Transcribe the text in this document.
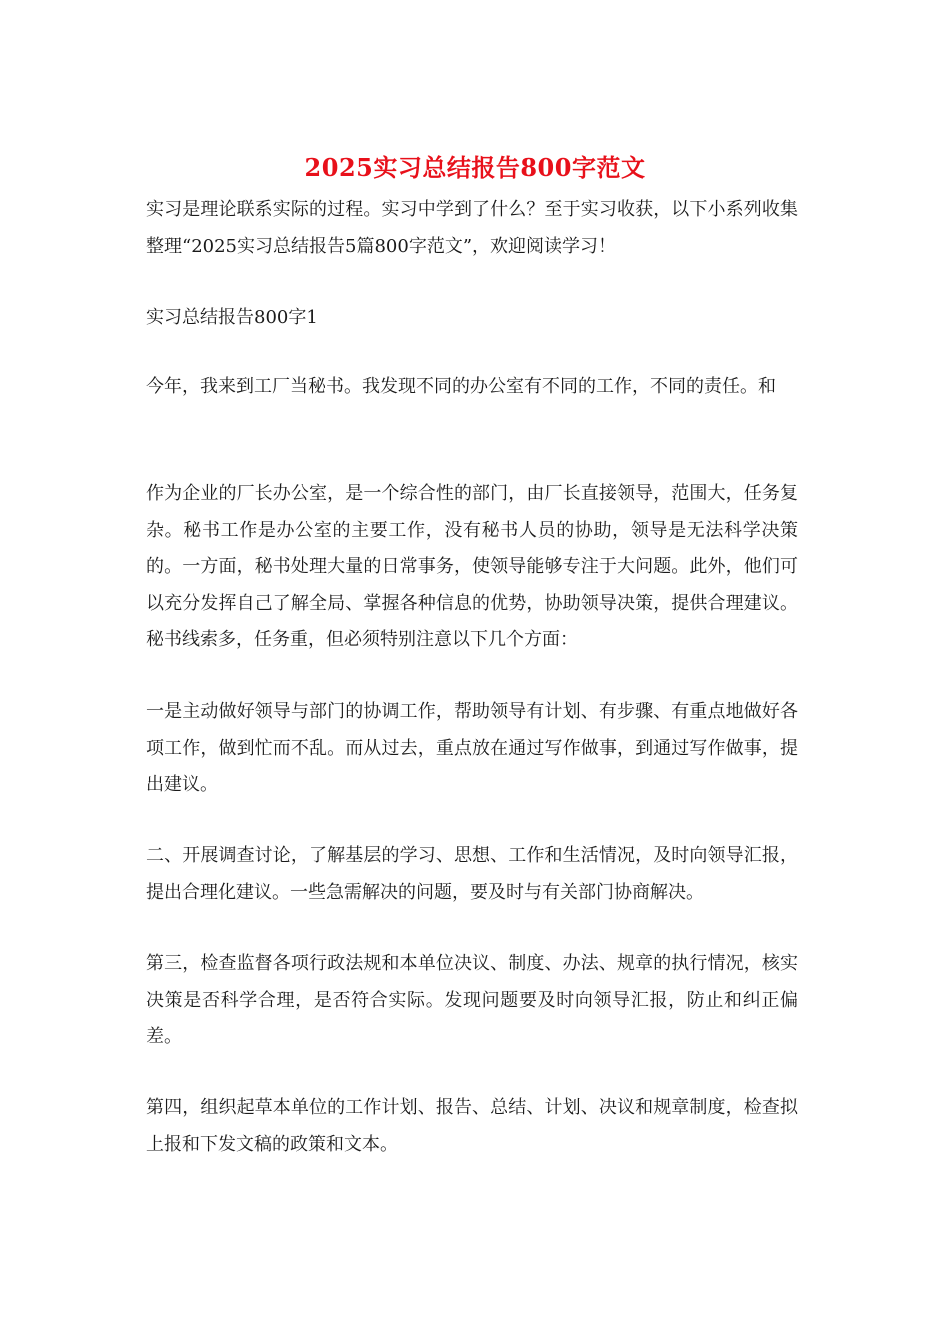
2025实习总结报告800字范文

实习是理论联系实际的过程。实习中学到了什么？至于实习收获，以下小系列收集整理“2025实习总结报告5篇800字范文”，欢迎阅读学习！

实习总结报告800字1

今年，我来到工厂当秘书。我发现不同的办公室有不同的工作，不同的责任。和

作为企业的厂长办公室，是一个综合性的部门，由厂长直接领导，范围大，任务复杂。秘书工作是办公室的主要工作，没有秘书人员的协助，领导是无法科学决策的。一方面，秘书处理大量的日常事务，使领导能够专注于大问题。此外，他们可以充分发挥自己了解全局、掌握各种信息的优势，协助领导决策，提供合理建议。秘书线索多，任务重，但必须特别注意以下几个方面：

一是主动做好领导与部门的协调工作，帮助领导有计划、有步骤、有重点地做好各项工作，做到忙而不乱。而从过去，重点放在通过写作做事，到通过写作做事，提出建议。

二、开展调查讨论，了解基层的学习、思想、工作和生活情况，及时向领导汇报，提出合理化建议。一些急需解决的问题，要及时与有关部门协商解决。

第三，检查监督各项行政法规和本单位决议、制度、办法、规章的执行情况，核实决策是否科学合理，是否符合实际。发现问题要及时向领导汇报，防止和纠正偏差。

第四，组织起草本单位的工作计划、报告、总结、计划、决议和规章制度，检查拟上报和下发文稿的政策和文本。
